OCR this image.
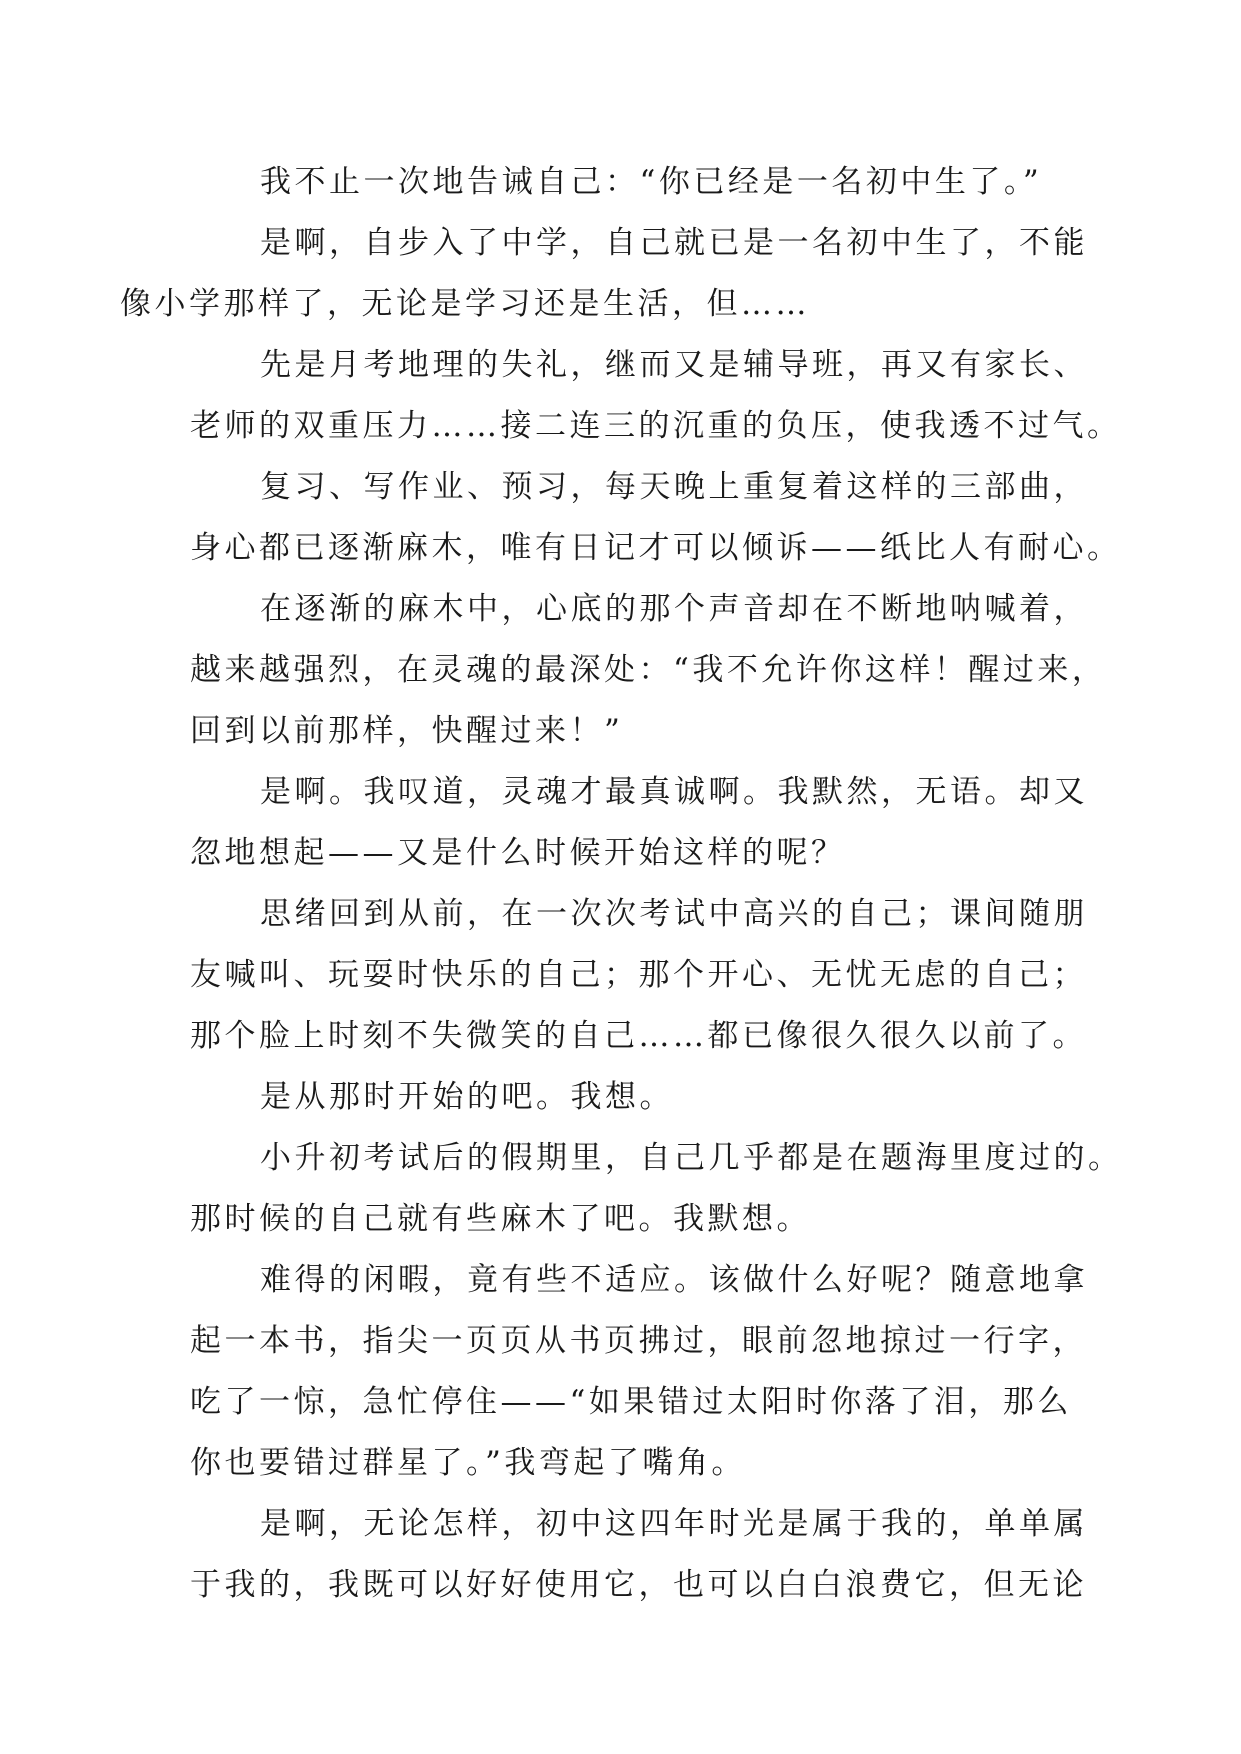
我不止一次地告诫自己：“你已经是一名初中生了。”

是啊，自步入了中学，自己就已是一名初中生了，不能
像小学那样了，无论是学习还是生活，但……

先是月考地理的失礼，继而又是辅导班，再又有家长、
老师的双重压力……接二连三的沉重的负压，使我透不过气。

复习、写作业、预习，每天晚上重复着这样的三部曲，
身心都已逐渐麻木，唯有日记才可以倾诉——纸比人有耐心。

在逐渐的麻木中，心底的那个声音却在不断地呐喊着，
越来越强烈，在灵魂的最深处：“我不允许你这样！醒过来，
回到以前那样，快醒过来！”

是啊。我叹道，灵魂才最真诚啊。我默然，无语。却又
忽地想起——又是什么时候开始这样的呢？

思绪回到从前，在一次次考试中高兴的自己；课间随朋
友喊叫、玩耍时快乐的自己；那个开心、无忧无虑的自己；
那个脸上时刻不失微笑的自己……都已像很久很久以前了。

是从那时开始的吧。我想。

小升初考试后的假期里，自己几乎都是在题海里度过的。
那时候的自己就有些麻木了吧。我默想。

难得的闲暇，竟有些不适应。该做什么好呢？随意地拿
起一本书，指尖一页页从书页拂过，眼前忽地掠过一行字，
吃了一惊，急忙停住——“如果错过太阳时你落了泪，那么
你也要错过群星了。”我弯起了嘴角。

是啊，无论怎样，初中这四年时光是属于我的，单单属
于我的，我既可以好好使用它，也可以白白浪费它，但无论
